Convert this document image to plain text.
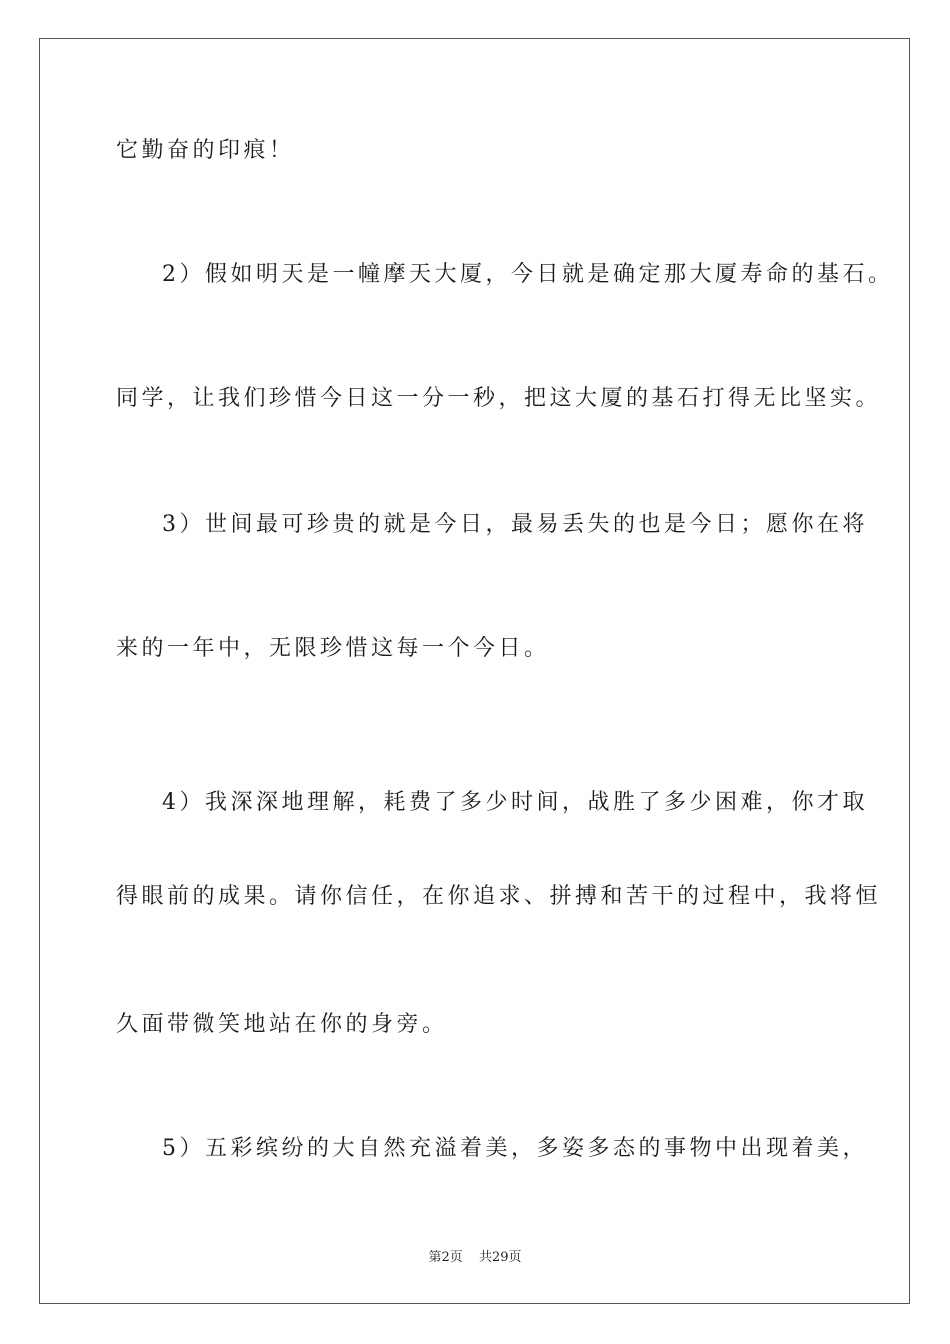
它勤奋的印痕！
2）假如明天是一幢摩天大厦，今日就是确定那大厦寿命的基石。
同学，让我们珍惜今日这一分一秒，把这大厦的基石打得无比坚实。
3）世间最可珍贵的就是今日，最易丢失的也是今日；愿你在将
来的一年中，无限珍惜这每一个今日。
4）我深深地理解，耗费了多少时间，战胜了多少困难，你才取
得眼前的成果。请你信任，在你追求、拼搏和苦干的过程中，我将恒
久面带微笑地站在你的身旁。
5）五彩缤纷的大自然充溢着美，多姿多态的事物中出现着美，
第2页 共29页
